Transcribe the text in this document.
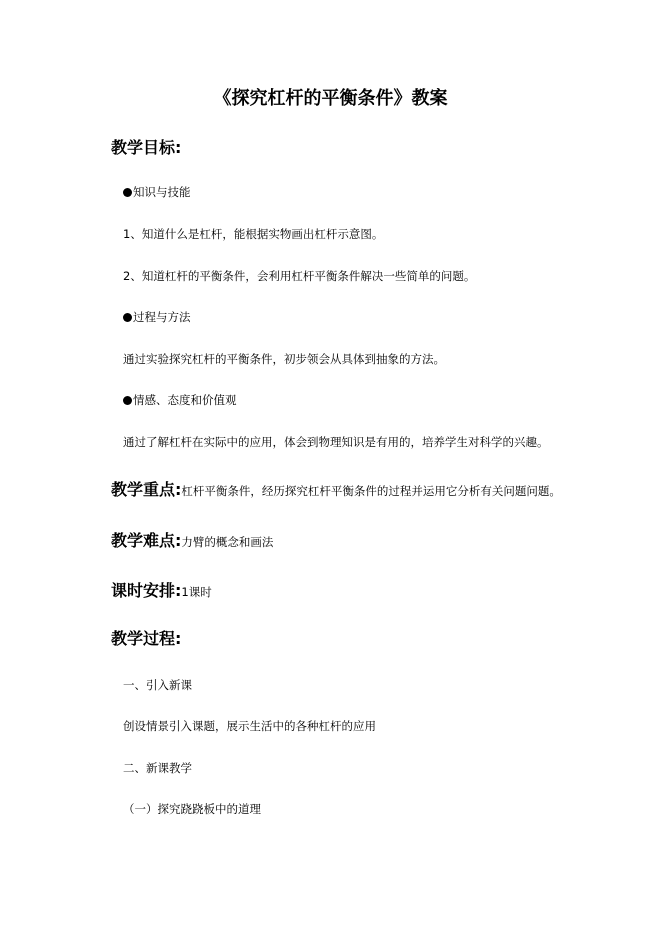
《探究杠杆的平衡条件》教案
教学目标:
知识与技能
1、知道什么是杠杆，能根据实物画出杠杆示意图。
2、知道杠杆的平衡条件，会利用杠杆平衡条件解决一些简单的问题。
过程与方法
通过实验探究杠杆的平衡条件，初步领会从具体到抽象的方法。
情感、态度和价值观
通过了解杠杆在实际中的应用，体会到物理知识是有用的，培养学生对科学的兴趣。
教学重点:杠杆平衡条件，经历探究杠杆平衡条件的过程并运用它分析有关问题问题。
教学难点:力臂的概念和画法
课时安排:1课时
教学过程:
一、引入新课
创设情景引入课题，展示生活中的各种杠杆的应用
二、新课教学
（一）探究跷跷板中的道理
